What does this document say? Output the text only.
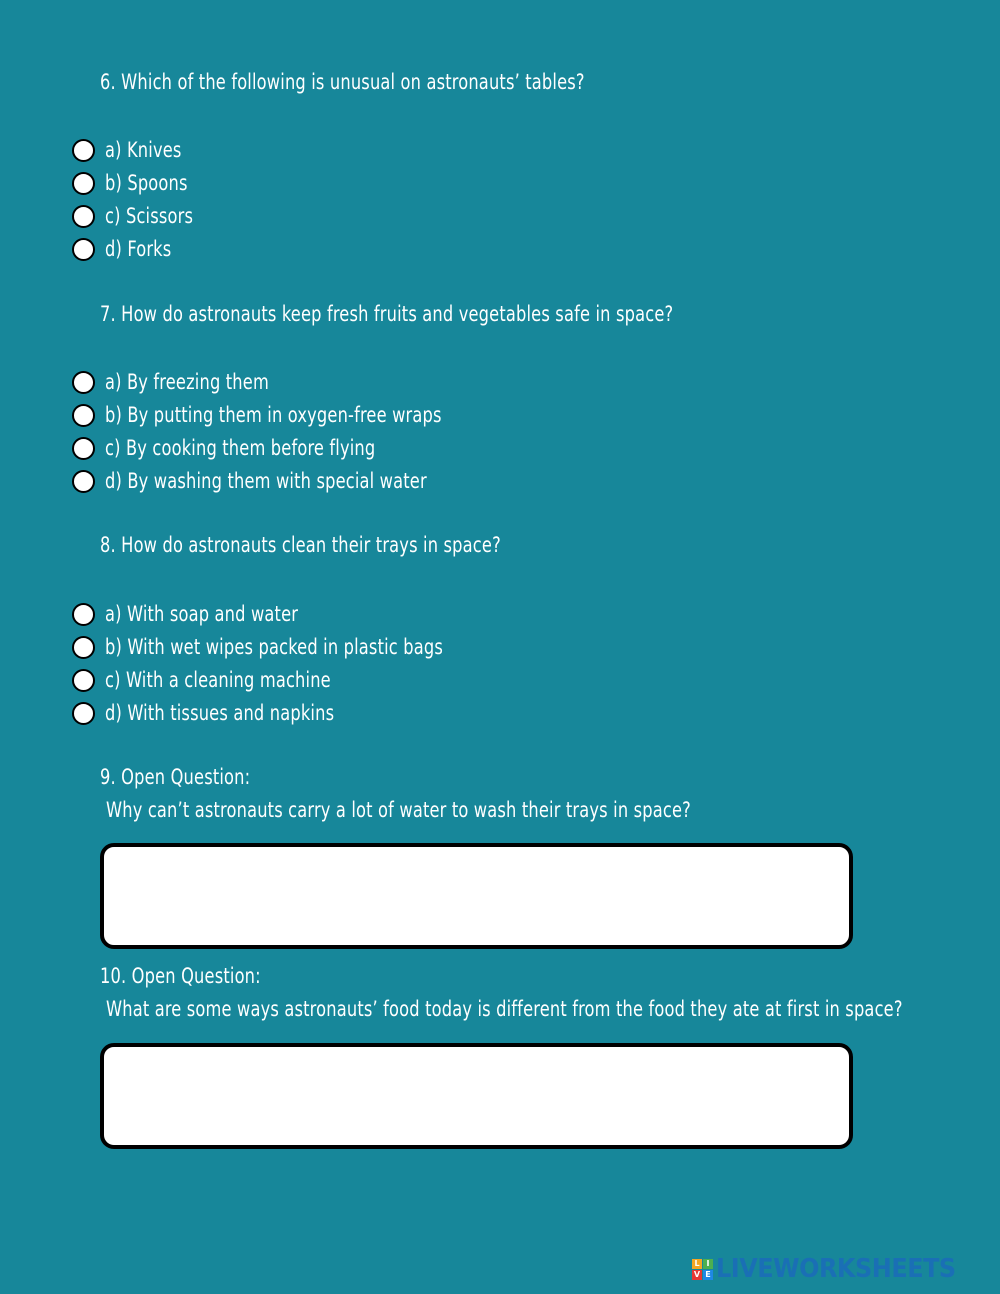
6. Which of the following is unusual on astronauts’ tables?
a) Knives
b) Spoons
c) Scissors
d) Forks
7. How do astronauts keep fresh fruits and vegetables safe in space?
a) By freezing them
b) By putting them in oxygen-free wraps
c) By cooking them before flying
d) By washing them with special water
8. How do astronauts clean their trays in space?
a) With soap and water
b) With wet wipes packed in plastic bags
c) With a cleaning machine
d) With tissues and napkins
9. Open Question:
Why can’t astronauts carry a lot of water to wash their trays in space?
10. Open Question:
What are some ways astronauts’ food today is different from the food they ate at first in space?
L I
V E LIVEWORKSHEETS
